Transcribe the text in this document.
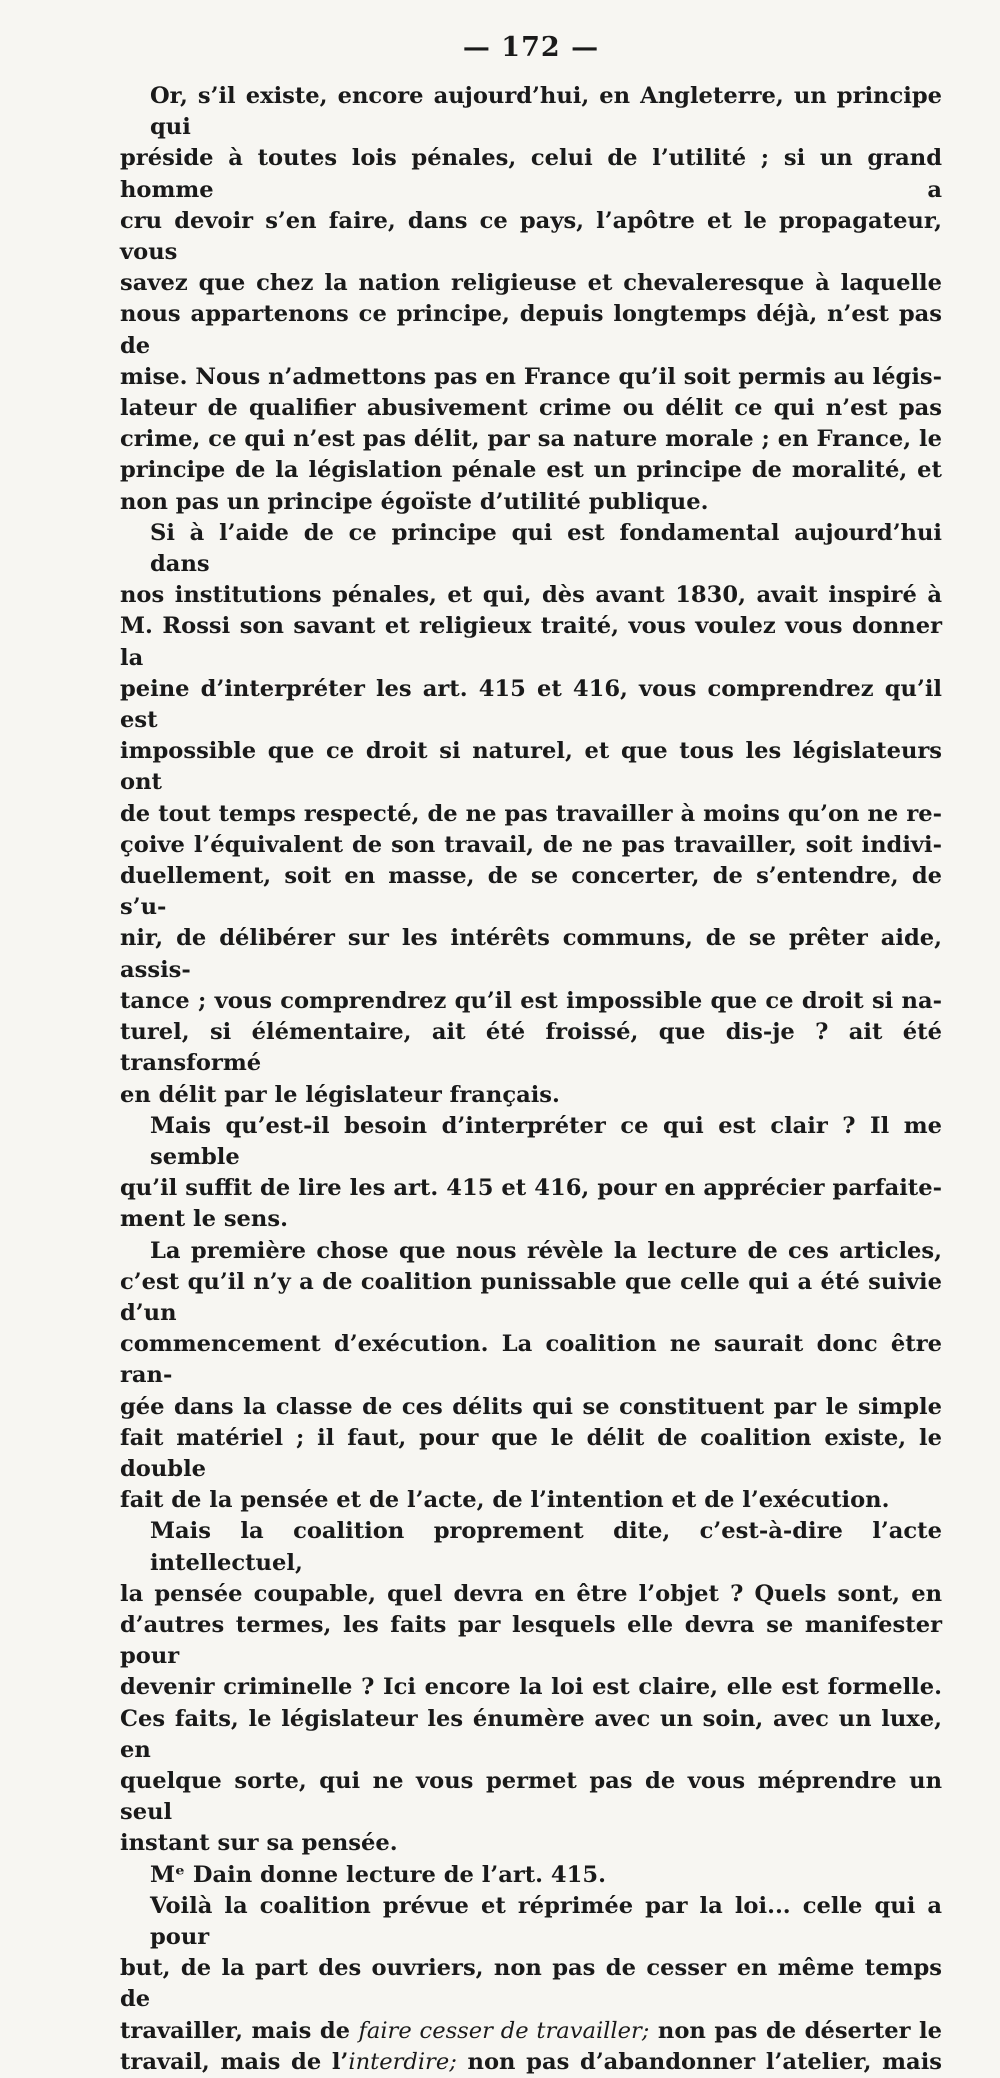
— 172 —

Or, s’il existe, encore aujourd’hui, en Angleterre, un principe qui
préside à toutes lois pénales, celui de l’utilité ; si un grand homme a
cru devoir s’en faire, dans ce pays, l’apôtre et le propagateur, vous
savez que chez la nation religieuse et chevaleresque à laquelle
nous appartenons ce principe, depuis longtemps déjà, n’est pas de
mise. Nous n’admettons pas en France qu’il soit permis au légis-
lateur de qualifier abusivement crime ou délit ce qui n’est pas
crime, ce qui n’est pas délit, par sa nature morale ; en France, le
principe de la législation pénale est un principe de moralité, et
non pas un principe égoïste d’utilité publique.

Si à l’aide de ce principe qui est fondamental aujourd’hui dans
nos institutions pénales, et qui, dès avant 1830, avait inspiré à
M. Rossi son savant et religieux traité, vous voulez vous donner la
peine d’interpréter les art. 415 et 416, vous comprendrez qu’il est
impossible que ce droit si naturel, et que tous les législateurs ont
de tout temps respecté, de ne pas travailler à moins qu’on ne re-
çoive l’équivalent de son travail, de ne pas travailler, soit indivi-
duellement, soit en masse, de se concerter, de s’entendre, de s’u-
nir, de délibérer sur les intérêts communs, de se prêter aide, assis-
tance ; vous comprendrez qu’il est impossible que ce droit si na-
turel, si élémentaire, ait été froissé, que dis-je ? ait été transformé
en délit par le législateur français.

Mais qu’est-il besoin d’interpréter ce qui est clair ? Il me semble
qu’il suffit de lire les art. 415 et 416, pour en apprécier parfaite-
ment le sens.

La première chose que nous révèle la lecture de ces articles,
c’est qu’il n’y a de coalition punissable que celle qui a été suivie d’un
commencement d’exécution. La coalition ne saurait donc être ran-
gée dans la classe de ces délits qui se constituent par le simple
fait matériel ; il faut, pour que le délit de coalition existe, le double
fait de la pensée et de l’acte, de l’intention et de l’exécution.

Mais la coalition proprement dite, c’est-à-dire l’acte intellectuel,
la pensée coupable, quel devra en être l’objet ? Quels sont, en
d’autres termes, les faits par lesquels elle devra se manifester pour
devenir criminelle ? Ici encore la loi est claire, elle est formelle.
Ces faits, le législateur les énumère avec un soin, avec un luxe, en
quelque sorte, qui ne vous permet pas de vous méprendre un seul
instant sur sa pensée.

Mᵉ Dain donne lecture de l’art. 415.

Voilà la coalition prévue et réprimée par la loi... celle qui a pour
but, de la part des ouvriers, non pas de cesser en même temps de
travailler, mais de faire cesser de travailler; non pas de déserter le
travail, mais de l’interdire; non pas d’abandonner l’atelier, mais
